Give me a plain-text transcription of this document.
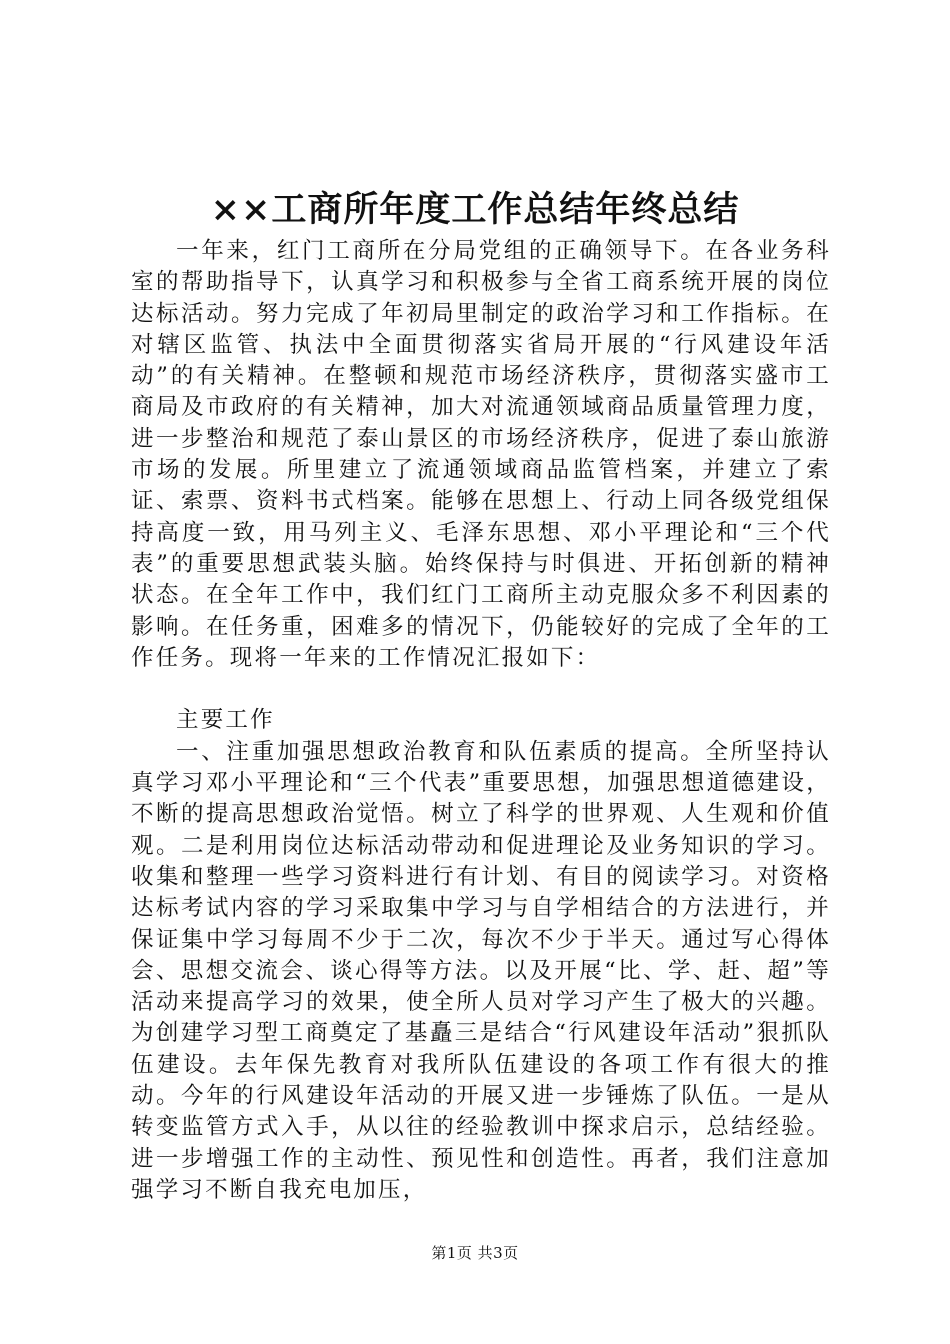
××工商所年度工作总结年终总结

一年来，红门工商所在分局党组的正确领导下。在各业务科室的帮助指导下，认真学习和积极参与全省工商系统开展的岗位达标活动。努力完成了年初局里制定的政治学习和工作指标。在对辖区监管、执法中全面贯彻落实省局开展的“行风建设年活动”的有关精神。在整顿和规范市场经济秩序，贯彻落实盛市工商局及市政府的有关精神，加大对流通领域商品质量管理力度，进一步整治和规范了泰山景区的市场经济秩序，促进了泰山旅游市场的发展。所里建立了流通领域商品监管档案，并建立了索证、索票、资料书式档案。能够在思想上、行动上同各级党组保持高度一致，用马列主义、毛泽东思想、邓小平理论和“三个代表”的重要思想武装头脑。始终保持与时俱进、开拓创新的精神状态。在全年工作中，我们红门工商所主动克服众多不利因素的影响。在任务重，困难多的情况下，仍能较好的完成了全年的工作任务。现将一年来的工作情况汇报如下：

主要工作

一、注重加强思想政治教育和队伍素质的提高。全所坚持认真学习邓小平理论和“三个代表”重要思想，加强思想道德建设，不断的提高思想政治觉悟。树立了科学的世界观、人生观和价值观。二是利用岗位达标活动带动和促进理论及业务知识的学习。收集和整理一些学习资料进行有计划、有目的阅读学习。对资格达标考试内容的学习采取集中学习与自学相结合的方法进行，并保证集中学习每周不少于二次，每次不少于半天。通过写心得体会、思想交流会、谈心得等方法。以及开展“比、学、赶、超”等活动来提高学习的效果，使全所人员对学习产生了极大的兴趣。为创建学习型工商奠定了基矗三是结合“行风建设年活动”狠抓队伍建设。去年保先教育对我所队伍建设的各项工作有很大的推动。今年的行风建设年活动的开展又进一步锤炼了队伍。一是从转变监管方式入手，从以往的经验教训中探求启示，总结经验。进一步增强工作的主动性、预见性和创造性。再者，我们注意加强学习不断自我充电加压，

第1页 共3页
